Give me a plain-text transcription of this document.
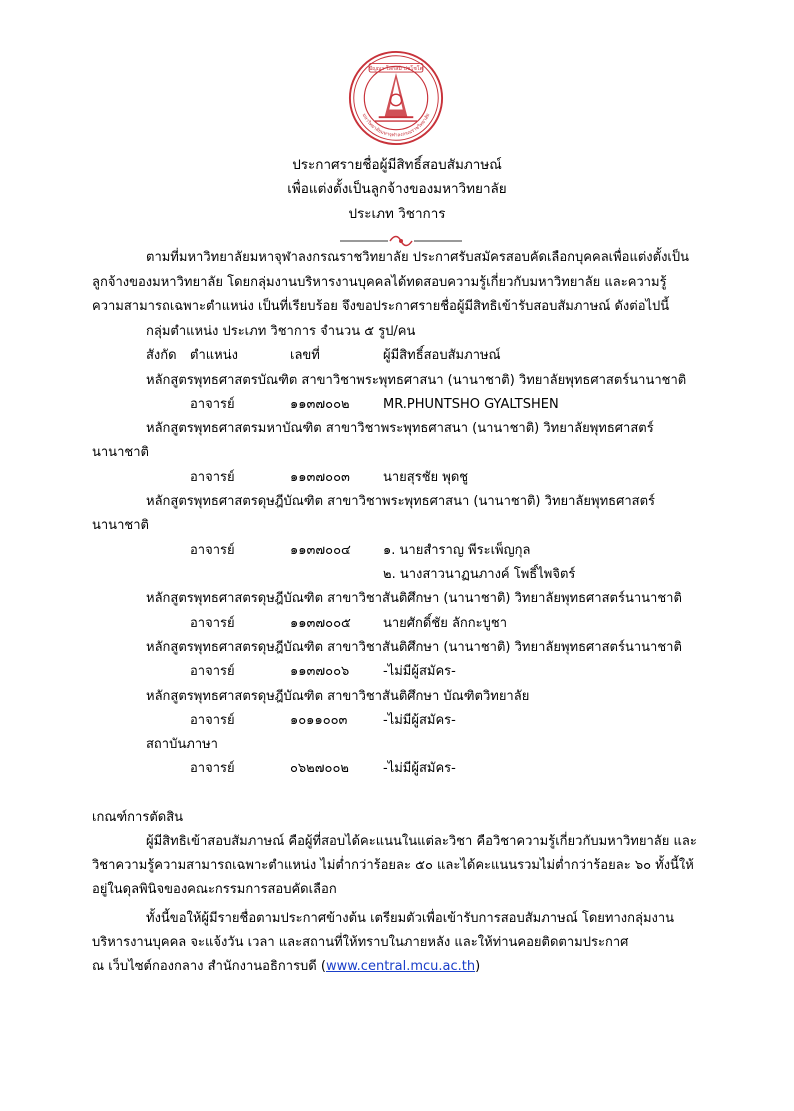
ปัญญา โลกสมิ ปชโชโต
มหาวิทยาลัยมหาจุฬาลงกรณราชวิทยาลัย
ประกาศรายชื่อผู้มีสิทธิ์สอบสัมภาษณ์
เพื่อแต่งตั้งเป็นลูกจ้างของมหาวิทยาลัย
ประเภท วิชาการ
ตามที่มหาวิทยาลัยมหาจุฬาลงกรณราชวิทยาลัย ประกาศรับสมัครสอบคัดเลือกบุคคลเพื่อแต่งตั้งเป็น
ลูกจ้างของมหาวิทยาลัย โดยกลุ่มงานบริหารงานบุคคลได้ทดสอบความรู้เกี่ยวกับมหาวิทยาลัย และความรู้
ความสามารถเฉพาะตำแหน่ง เป็นที่เรียบร้อย จึงขอประกาศรายชื่อผู้มีสิทธิเข้ารับสอบสัมภาษณ์ ดังต่อไปนี้
กลุ่มตำแหน่ง ประเภท วิชาการ จำนวน ๕ รูป/คน
สังกัด ตำแหน่ง	เลขที่	ผู้มีสิทธิ์สอบสัมภาษณ์
หลักสูตรพุทธศาสตรบัณฑิต สาขาวิชาพระพุทธศาสนา (นานาชาติ) วิทยาลัยพุทธศาสตร์นานาชาติ
อาจารย์	๑๑๓๗๐๐๒	MR.PHUNTSHO GYALTSHEN
หลักสูตรพุทธศาสตรมหาบัณฑิต สาขาวิชาพระพุทธศาสนา (นานาชาติ) วิทยาลัยพุทธศาสตร์
นานาชาติ
อาจารย์	๑๑๓๗๐๐๓	นายสุรชัย พุดชู
หลักสูตรพุทธศาสตรดุษฎีบัณฑิต สาขาวิชาพระพุทธศาสนา (นานาชาติ) วิทยาลัยพุทธศาสตร์
นานาชาติ
อาจารย์	๑๑๓๗๐๐๔ ๑. นายสำราญ พีระเพ็ญกุล
๒. นางสาวนาฏนภางค์ โพธิ์ไพจิตร์
หลักสูตรพุทธศาสตรดุษฎีบัณฑิต สาขาวิชาสันติศึกษา (นานาชาติ) วิทยาลัยพุทธศาสตร์นานาชาติ
อาจารย์	๑๑๓๗๐๐๕ นายศักดิ์ชัย ลักกะบูชา
หลักสูตรพุทธศาสตรดุษฎีบัณฑิต สาขาวิชาสันติศึกษา (นานาชาติ) วิทยาลัยพุทธศาสตร์นานาชาติ
อาจารย์	๑๑๓๗๐๐๖	-ไม่มีผู้สมัคร-
หลักสูตรพุทธศาสตรดุษฎีบัณฑิต สาขาวิชาสันติศึกษา บัณฑิตวิทยาลัย
อาจารย์	๑๐๑๑๐๐๓	-ไม่มีผู้สมัคร-
สถาบันภาษา
อาจารย์	๐๖๒๗๐๐๒	-ไม่มีผู้สมัคร-
เกณฑ์การตัดสิน
ผู้มีสิทธิเข้าสอบสัมภาษณ์ คือผู้ที่สอบได้คะแนนในแต่ละวิชา คือวิชาความรู้เกี่ยวกับมหาวิทยาลัย และ
วิชาความรู้ความสามารถเฉพาะตำแหน่ง ไม่ต่ำกว่าร้อยละ ๕๐ และได้คะแนนรวมไม่ต่ำกว่าร้อยละ ๖๐ ทั้งนี้ให้
อยู่ในดุลพินิจของคณะกรรมการสอบคัดเลือก
ทั้งนี้ขอให้ผู้มีรายชื่อตามประกาศข้างต้น เตรียมตัวเพื่อเข้ารับการสอบสัมภาษณ์ โดยทางกลุ่มงาน
บริหารงานบุคคล จะแจ้งวัน เวลา และสถานที่ให้ทราบในภายหลัง และให้ท่านคอยติดตามประกาศ
ณ เว็บไซต์กองกลาง สำนักงานอธิการบดี (www.central.mcu.ac.th)
